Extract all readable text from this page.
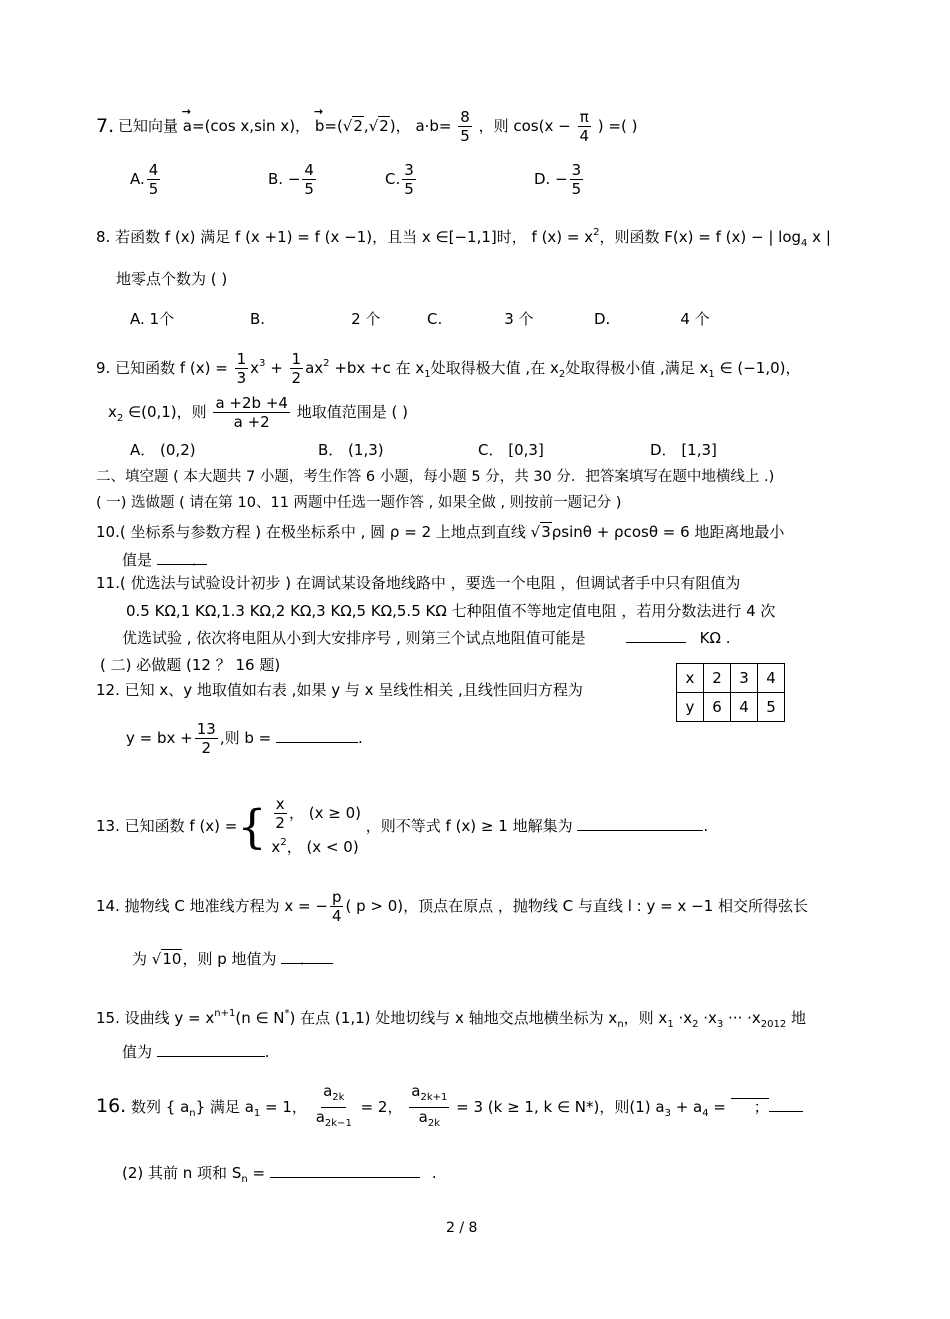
7. 已知向量 → a=(cos x,sin x)， → b=(√2,√2)， $a\cdot b= \frac{8}{5}$ ，则 $\cos(x - \frac{\pi}{4}$ ) =( )
A. $\frac{4}{5}$	B. − $\frac{4}{5}$	C. $\frac{3}{5}$	D. − $\frac{3}{5}$
8. 若函数 f (x) 满足 f (x +1) = f (x −1)，且当 x ∈[−1,1]时， f $(x) = x^2$，则函数 F(x) = f (x) − | $\log_4 x$ |
地零点个数为 ( )
A. 1个	B.	2 个	C.	3 个	D.	4 个
9. 已知函数 f $(x) = \frac{1}{3} x^3 + \frac{1}{2} ax^2 +bx +c$ 在 $x_1$处取得极大值 ,在 $x_2$处取得极小值 ,满足 $x_1$ ∈ (−1,0)，
$x_2$ ∈(0,1)，则 $\frac{a +2b +4}{a +2}$ 地取值范围是 ( )
A． (0,2)	B． (1,3)	C． [0,3]	D． [1,3]
二、填空题 ( 本大题共 7 小题，考生作答 6 小题，每小题 5 分，共 30 分．把答案填写在题中地横线上 .)
( 一) 选做题 ( 请在第 10、11 两题中任选一题作答 , 如果全做 , 则按前一题记分 )
10.( 坐标系与参数方程 ) 在极坐标系中 , 圆 ρ = 2 上地点到直线 √3ρsinθ + ρcosθ = 6 地距离地最小
值是	．
11.( 优选法与试验设计初步 ) 在调试某设备地线路中 ，要选一个电阻 ，但调试者手中只有阻值为
0.5 KΩ,1 KΩ,1.3 KΩ,2 KΩ,3 KΩ,5 KΩ,5.5 KΩ 七种阻值不等地定值电阻 ，若用分数法进行 4 次
优选试验 , 依次将电阻从小到大安排序号 , 则第三个试点地阻值可能是	KΩ .
( 二) 必做题 (12 ？ 16 题)
12. 已知 x、y 地取值如右表 ,如果 y 与 x 呈线性相关 ,且线性回归方程为
x	2	3	4
y	6	4	5
y = bx + $\frac{13}{2}$ ,则 b =	.
13. 已知函数 f (x) ={ $\frac{x}{2}$ ， (x ≥ 0)
$x^2$， (x < 0)
，则不等式 f (x) ≥ 1 地解集为	.
14. 抛物线 C 地准线方程为 x = − $\frac{p}{4}$ ( p > 0)，顶点在原点 ，抛物线 C 与直线 l : y = x −1 相交所得弦长
为 √10，则 p 地值为 ．
15. 设曲线 $y = x^{n+1}(n$ ∈ N*) 在点 (1,1) 处地切线与 x 轴地交点地横坐标为 $x_n$，则 $x_1 \cdot x_2 \cdot x_3$ ··· $\cdot x_{2012}$ 地
值为	.
16. 数列 { $a_n$} 满足 $a_1 = 1$， $\frac{a_{2k}}{a_{2k-1}} = 2$， $\frac{a_{2k+1}}{a_{2k}} = 3$ (k ≥ 1, k ∈ N*)，则(1) $a_3 + a_4$ = ；
(2) 其前 n 项和 $S_n$ =	.
2 / 8
